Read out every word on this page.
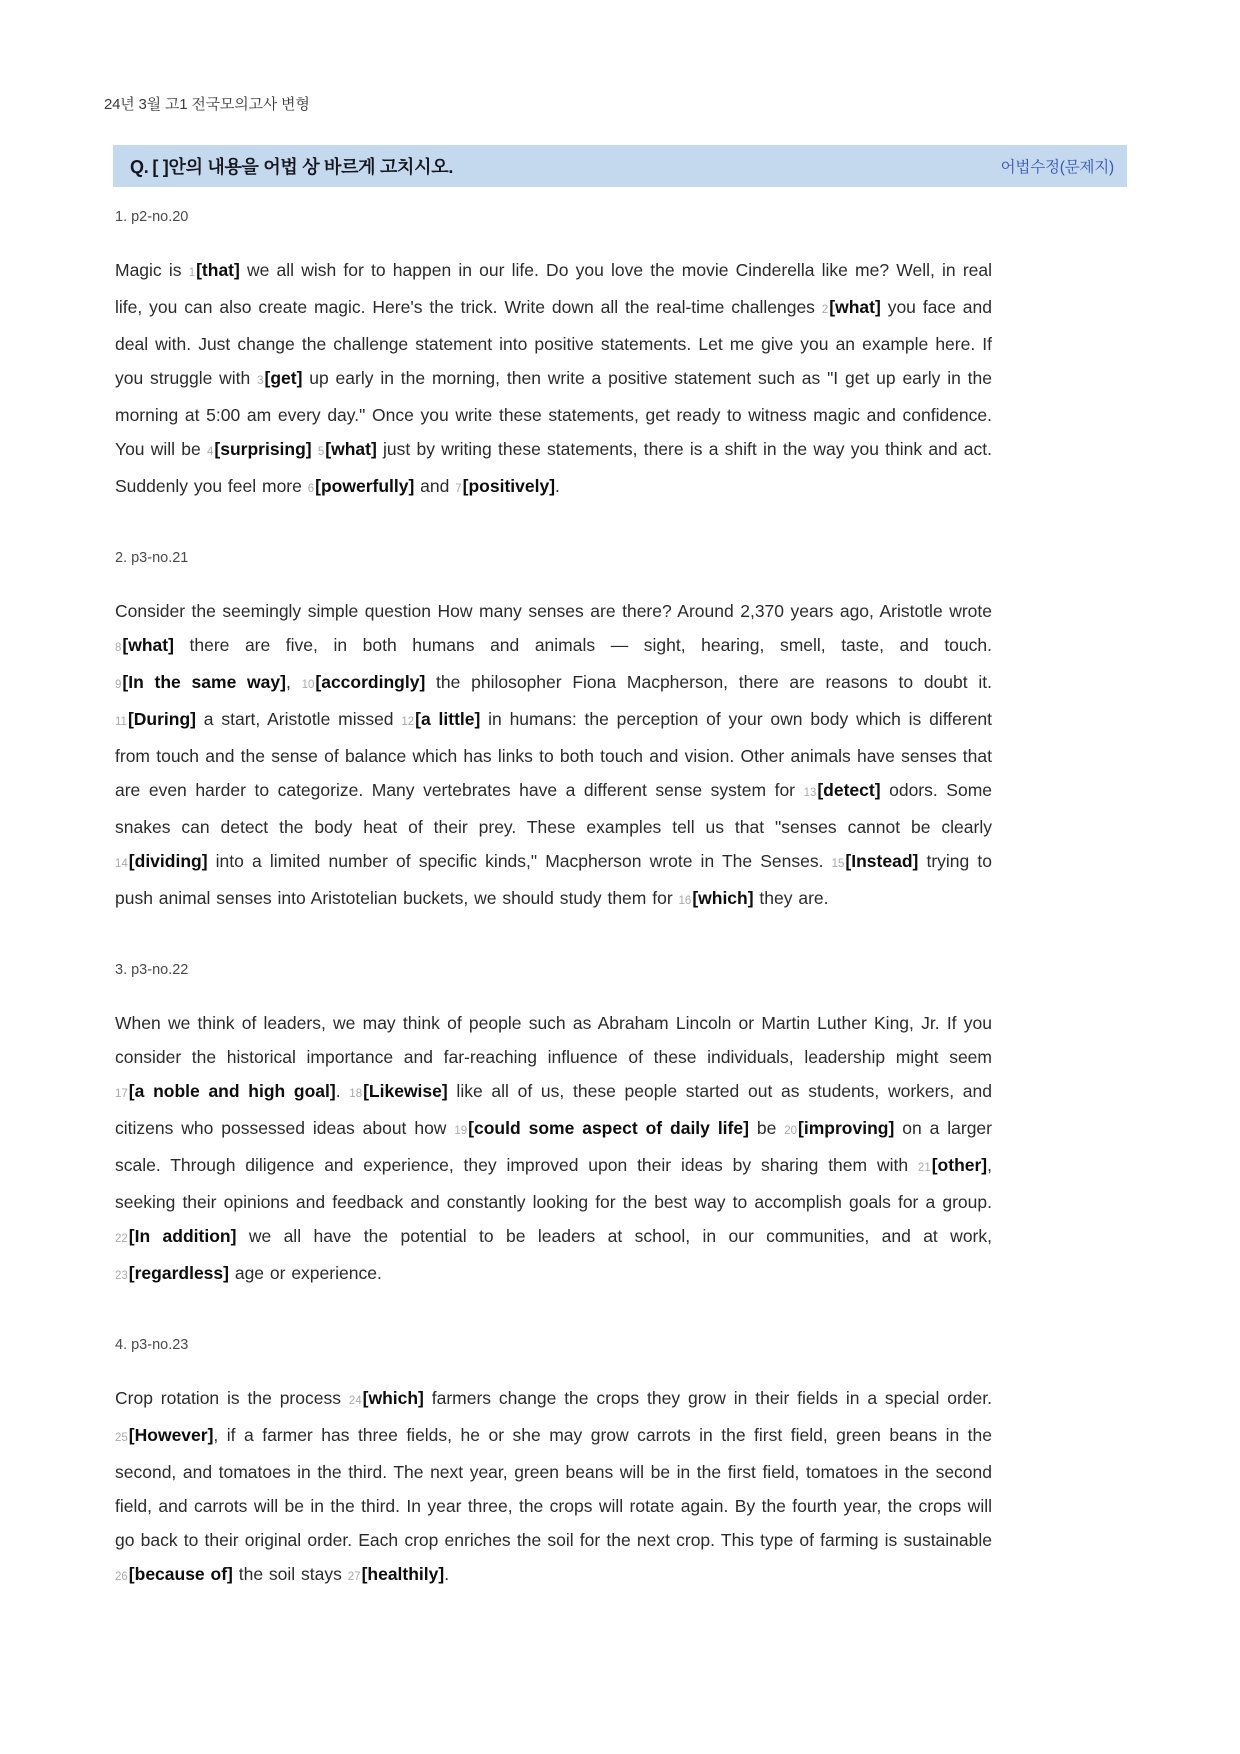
24년 3월 고1 전국모의고사 변형
Q. [ ]안의 내용을 어법 상 바르게 고치시오.	어법수정(문제지)
1. p2-no.20

Magic is 1[that] we all wish for to happen in our life. Do you love the movie Cinderella like me? Well, in real life, you can also create magic. Here's the trick. Write down all the real-time challenges 2[what] you face and deal with. Just change the challenge statement into positive statements. Let me give you an example here. If you struggle with 3[get] up early in the morning, then write a positive statement such as "I get up early in the morning at 5:00 am every day." Once you write these statements, get ready to witness magic and confidence. You will be 4[surprising] 5[what] just by writing these statements, there is a shift in the way you think and act. Suddenly you feel more 6[powerfully] and 7[positively].

2. p3-no.21

Consider the seemingly simple question How many senses are there? Around 2,370 years ago, Aristotle wrote 8[what] there are five, in both humans and animals — sight, hearing, smell, taste, and touch. 9[In the same way], 10[accordingly] the philosopher Fiona Macpherson, there are reasons to doubt it. 11[During] a start, Aristotle missed 12[a little] in humans: the perception of your own body which is different from touch and the sense of balance which has links to both touch and vision. Other animals have senses that are even harder to categorize. Many vertebrates have a different sense system for 13[detect] odors. Some snakes can detect the body heat of their prey. These examples tell us that "senses cannot be clearly 14[dividing] into a limited number of specific kinds," Macpherson wrote in The Senses. 15[Instead] trying to push animal senses into Aristotelian buckets, we should study them for 16[which] they are.

3. p3-no.22

When we think of leaders, we may think of people such as Abraham Lincoln or Martin Luther King, Jr. If you consider the historical importance and far-reaching influence of these individuals, leadership might seem 17[a noble and high goal]. 18[Likewise] like all of us, these people started out as students, workers, and citizens who possessed ideas about how 19[could some aspect of daily life] be 20[improving] on a larger scale. Through diligence and experience, they improved upon their ideas by sharing them with 21[other], seeking their opinions and feedback and constantly looking for the best way to accomplish goals for a group. 22[In addition] we all have the potential to be leaders at school, in our communities, and at work, 23[regardless] age or experience.

4. p3-no.23

Crop rotation is the process 24[which] farmers change the crops they grow in their fields in a special order. 25[However], if a farmer has three fields, he or she may grow carrots in the first field, green beans in the second, and tomatoes in the third. The next year, green beans will be in the first field, tomatoes in the second field, and carrots will be in the third. In year three, the crops will rotate again. By the fourth year, the crops will go back to their original order. Each crop enriches the soil for the next crop. This type of farming is sustainable 26[because of] the soil stays 27[healthily].
